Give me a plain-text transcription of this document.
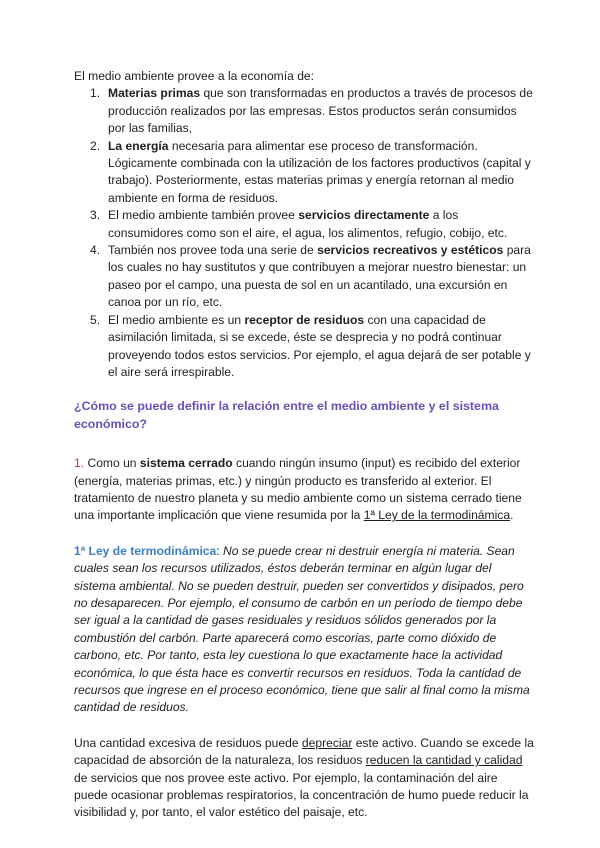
El medio ambiente provee a la economía de:

1. Materias primas que son transformadas en productos a través de procesos de producción realizados por las empresas. Estos productos serán consumidos por las familias,
2. La energía necesaria para alimentar ese proceso de transformación. Lógicamente combinada con la utilización de los factores productivos (capital y trabajo). Posteriormente, estas materias primas y energía retornan al medio ambiente en forma de residuos.
3. El medio ambiente también provee servicios directamente a los consumidores como son el aire, el agua, los alimentos, refugio, cobijo, etc.
4. También nos provee toda una serie de servicios recreativos y estéticos para los cuales no hay sustitutos y que contribuyen a mejorar nuestro bienestar: un paseo por el campo, una puesta de sol en un acantilado, una excursión en canoa por un río, etc.
5. El medio ambiente es un receptor de residuos con una capacidad de asimilación limitada, si se excede, éste se desprecia y no podrá continuar proveyendo todos estos servicios. Por ejemplo, el agua dejará de ser potable y el aire será irrespirable.

¿Cómo se puede definir la relación entre el medio ambiente y el sistema económico?

1. Como un sistema cerrado cuando ningún insumo (input) es recibido del exterior (energía, materias primas, etc.) y ningún producto es transferido al exterior. El tratamiento de nuestro planeta y su medio ambiente como un sistema cerrado tiene una importante implicación que viene resumida por la 1ª Ley de la termodinámica.

1ª Ley de termodinámica: No se puede crear ni destruir energía ni materia. Sean cuales sean los recursos utilizados, éstos deberán terminar en algún lugar del sistema ambiental. No se pueden destruir, pueden ser convertidos y disipados, pero no desaparecen. Por ejemplo, el consumo de carbón en un período de tiempo debe ser igual a la cantidad de gases residuales y residuos sólidos generados por la combustión del carbón. Parte aparecerá como escorias, parte como dióxido de carbono, etc. Por tanto, esta ley cuestiona lo que exactamente hace la actividad económica, lo que ésta hace es convertir recursos en residuos. Toda la cantidad de recursos que ingrese en el proceso económico, tiene que salir al final como la misma cantidad de residuos.

Una cantidad excesiva de residuos puede depreciar este activo. Cuando se excede la capacidad de absorción de la naturaleza, los residuos reducen la cantidad y calidad de servicios que nos provee este activo. Por ejemplo, la contaminación del aire puede ocasionar problemas respiratorios, la concentración de humo puede reducir la visibilidad y, por tanto, el valor estético del paisaje, etc.
